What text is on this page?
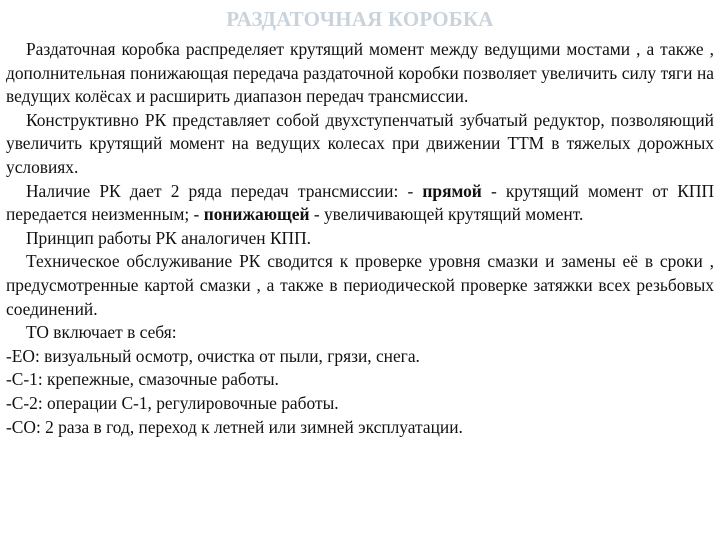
РАЗДАТОЧНАЯ КОРОБКА

Раздаточная коробка распределяет крутящий момент между ведущими мостами , а также , дополнительная понижающая передача раздаточной коробки позволяет увеличить силу тяги на ведущих колёсах и расширить диапазон передач трансмиссии.

Конструктивно РК представляет собой двухступенчатый зубчатый редуктор, позволяющий увеличить крутящий момент на ведущих колесах при движении ТТМ в тяжелых дорожных условиях.

Наличие РК дает 2 ряда передач трансмиссии: - прямой - крутящий момент от КПП передается неизменным; - понижающей - увеличивающей крутящий момент.

Принцип работы РК аналогичен КПП.

Техническое обслуживание РК сводится к проверке уровня смазки и замены её в сроки , предусмотренные картой смазки , а также в периодической проверке затяжки всех резьбовых соединений.

ТО включает в себя:

-ЕО: визуальный осмотр, очистка от пыли, грязи, снега.

-С-1: крепежные, смазочные работы.

-С-2: операции С-1, регулировочные работы.

-СО: 2 раза в год, переход к летней или зимней эксплуатации.
